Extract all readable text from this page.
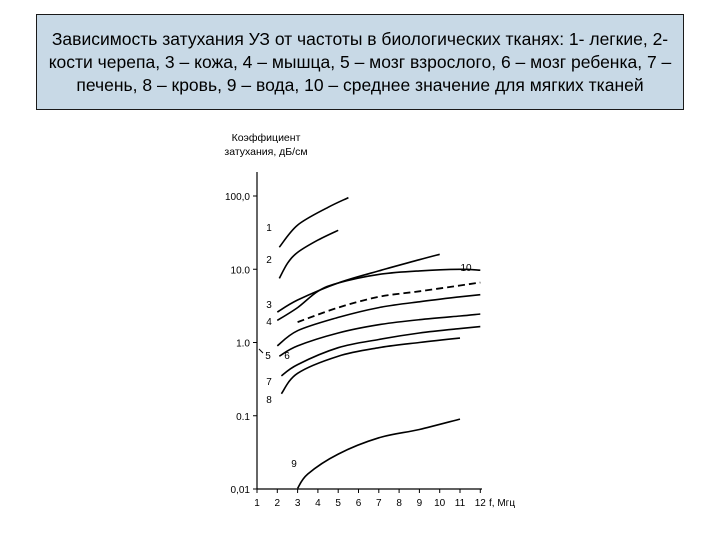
Зависимость затухания УЗ от частоты в биологических тканях: 1- легкие, 2- кости черепа, 3 – кожа, 4 – мышца, 5 – мозг взрослого, 6 – мозг ребенка, 7 – печень, 8 – кровь, 9 – вода, 10 – среднее значение для мягких тканей

Коэффициент
затухания, дБ/см
100,0
10.0
1.0
0.1
0,01
1 2 3 4 5 6 7 8 9 10 11 12 f, Мгц
1
2
3
4
10
5 6
7
8
9
